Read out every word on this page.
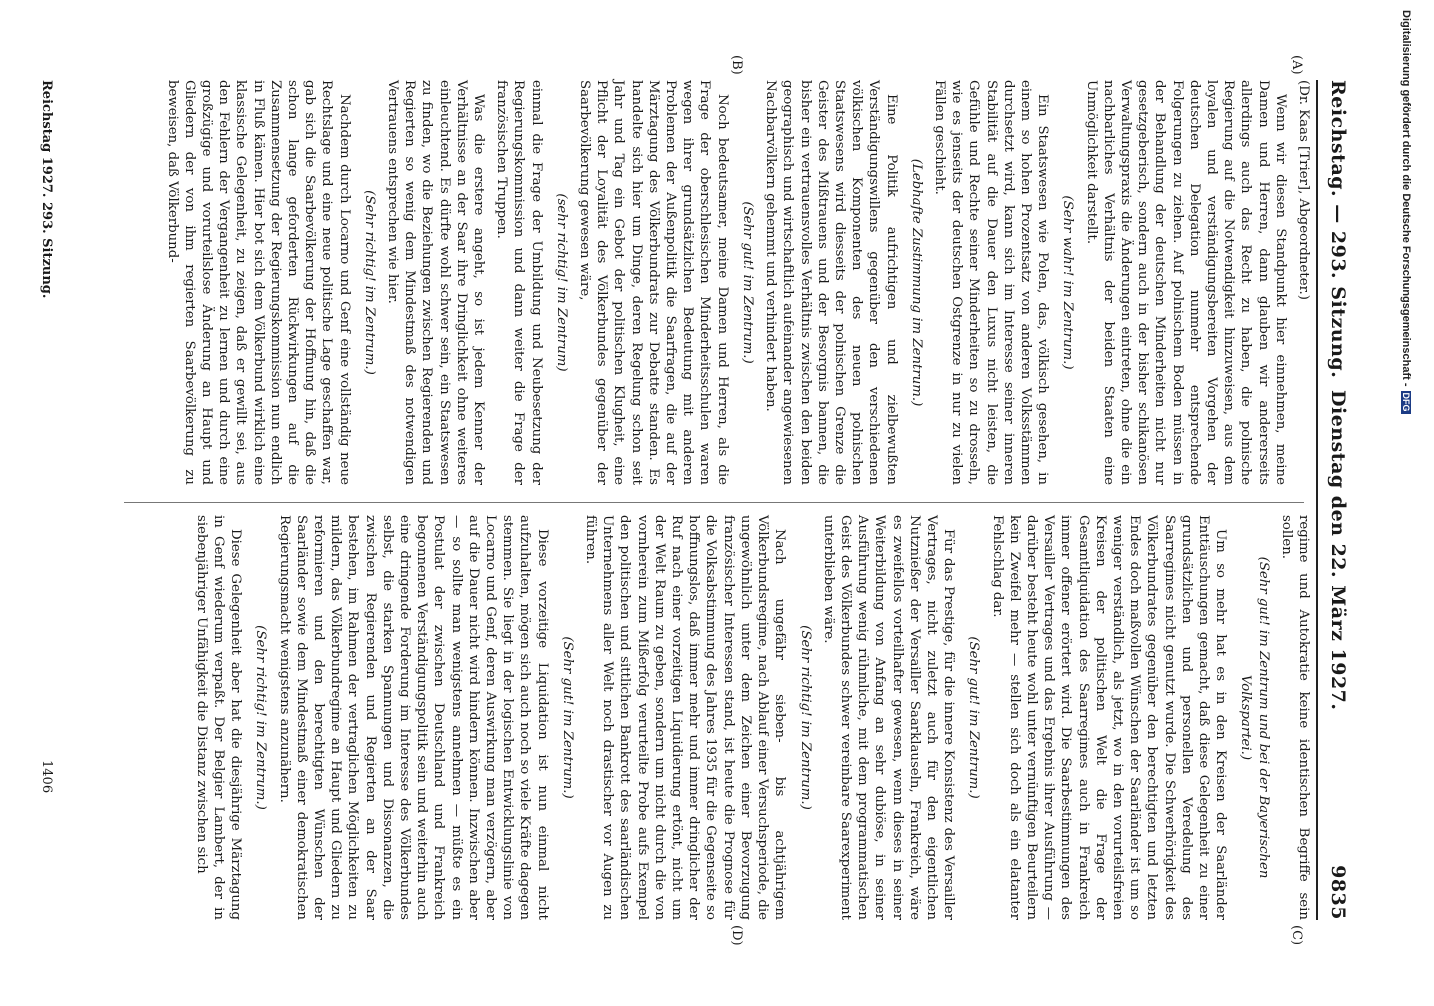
Reichstag. — 293. Sitzung.
Dienstag den 22. März 1927.
9835
(A)
(B)
(C)
(D)

(Dr. Kaas [Trier], Abgeordneter.)

Wenn wir diesen Standpunkt hier einnehmen, meine Damen und Herren, dann glauben wir andererseits allerdings auch das Recht zu haben, die polnische Regierung auf die Notwendigkeit hinzuweisen, aus dem loyalen und verständigungsbereiten Vorgehen der deutschen Delegation nunmehr entsprechende Folgerungen zu ziehen. Auf polnischem Boden müssen in der Behandlung der deutschen Minderheiten nicht nur gesetzgeberisch, sondern auch in der bisher schikanösen Verwaltungspraxis die Änderungen eintreten, ohne die ein nachbarliches Verhältnis der beiden Staaten eine Unmöglichkeit darstellt.

(Sehr wahr! im Zentrum.)

Ein Staatswesen wie Polen, das, völkisch gesehen, in einem so hohen Prozentsatz von anderen Volksstämmen durchsetzt wird, kann sich im Interesse seiner inneren Stabilität auf die Dauer den Luxus nicht leisten, die Gefühle und Rechte seiner Minderheiten so zu drosseln, wie es jenseits der deutschen Ostgrenze in nur zu vielen Fällen geschieht.

(Lebhafte Zustimmung im Zentrum.)

Eine Politik aufrichtigen und zielbewußten Verständigungswillens gegenüber den verschiedenen völkischen Komponenten des neuen polnischen Staatswesens wird diesseits der polnischen Grenze die Geister des Mißtrauens und der Besorgnis bannen, die bisher ein vertrauensvolles Verhältnis zwischen den beiden geographisch und wirtschaftlich aufeinander angewiesenen Nachbarvölkern gehemmt und verhindert haben.

(Sehr gut! im Zentrum.)

Noch bedeutsamer, meine Damen und Herren, als die Frage der oberschlesischen Minderheitsschulen waren wegen ihrer grundsätzlichen Bedeutung mit anderen Problemen der Außenpolitik die Saarfragen, die auf der Märztagung des Völkerbundrats zur Debatte standen. Es handelte sich hier um Dinge, deren Regelung schon seit Jahr und Tag ein Gebot der politischen Klugheit, eine Pflicht der Loyalität des Völkerbundes gegenüber der Saarbevölkerung gewesen wäre,

(sehr richtig! im Zentrum)

einmal die Frage der Umbildung und Neubesetzung der Regierungskommission und dann weiter die Frage der französischen Truppen.

Was die erstere angeht, so ist jedem Kenner der Verhältnisse an der Saar ihre Dringlichkeit ohne weiteres einleuchtend. Es dürfte wohl schwer sein, ein Staatswesen zu finden, wo die Beziehungen zwischen Regierenden und Regierten so wenig dem Mindestmaß des notwendigen Vertrauens entsprechen wie hier.

(Sehr richtig! im Zentrum.)

Nachdem durch Locarno und Genf eine vollständig neue Rechtslage und eine neue politische Lage geschaffen war, gab sich die Saarbevölkerung der Hoffnung hin, daß die schon lange geforderten Rückwirkungen auf die Zusammensetzung der Regierungskommission nun endlich in Fluß kämen. Hier bot sich dem Völkerbund wirklich eine klassische Gelegenheit, zu zeigen, daß er gewillt sei, aus den Fehlern der Vergangenheit zu lernen und durch eine großzügige und vorurteilslose Änderung an Haupt und Gliedern der von ihm regierten Saarbevölkerung zu beweisen, daß Völkerbund-

regime und Autokratie keine identischen Begriffe sein sollen.

(Sehr gut! im Zentrum und bei der Bayerischen Volkspartei.)

Um so mehr hat es in den Kreisen der Saarländer Enttäuschungen gemacht, daß diese Gelegenheit zu einer grundsätzlichen und personellen Veredelung des Saarregimes nicht genutzt wurde. Die Schwerhörigkeit des Völkerbundrates gegenüber den berechtigten und letzten Endes doch maßvollen Wünschen der Saarländer ist um so weniger verständlich, als jetzt, wo in den vorurteilsfreien Kreisen der politischen Welt die Frage der Gesamtliquidation des Saarregimes auch in Frankreich immer offener erörtert wird. Die Saarbestimmungen des Versailler Vertrages und das Ergebnis ihrer Ausführung — darüber besteht heute wohl unter vernünftigen Beurteilern kein Zweifel mehr — stellen sich doch als ein elatanter Fehlschlag dar.

(Sehr gut! im Zentrum.)

Für das Prestige, für die innere Konsistenz des Versailler Vertrages, nicht zuletzt auch für den eigentlichen Nutznießer der Versailler Saarklauseln, Frankreich, wäre es zweifellos vorteilhafter gewesen, wenn dieses in seiner Weiterbildung von Anfang an sehr dubiöse, in seiner Ausführung wenig rühmliche, mit dem programmatischen Geist des Völkerbundes schwer vereinbare Saarexperiment unterblieben wäre.

(Sehr richtig! im Zentrum.)

Nach ungefähr sieben- bis achtjährigem Völkerbundsregime, nach Ablauf einer Versuchsperiode, die ungewöhnlich unter dem Zeichen einer Bevorzugung französischer Interessen stand, ist heute die Prognose für die Volksabstimmung des Jahres 1935 für die Gegenseite so hoffnungslos, daß immer mehr und immer dringlicher der Ruf nach einer vorzeitigen Liquidierung ertönt, nicht um der Welt Raum zu geben, sondern um nicht durch die von vornherein zum Mißerfolg verurteilte Probe aufs Exempel den politischen und sittlichen Bankrott des saarländischen Unternehmens aller Welt noch drastischer vor Augen zu führen.

(Sehr gut! im Zentrum.)

Diese vorzeitige Liquidation ist nun einmal nicht aufzuhalten, mögen sich auch noch so viele Kräfte dagegen stemmen. Sie liegt in der logischen Entwicklungslinie von Locarno und Genf, deren Auswirkung man verzögern, aber auf die Dauer nicht wird hindern können. Inzwischen aber — so sollte man wenigstens annehmen — müßte es ein Postulat der zwischen Deutschland und Frankreich begonnenen Verständigungspolitik sein und weiterhin auch eine dringende Forderung im Interesse des Völkerbundes selbst, die starken Spannungen und Dissonanzen, die zwischen Regierenden und Regierten an der Saar bestehen, im Rahmen der vertraglichen Möglichkeiten zu mildern, das Völkerbundregime an Haupt und Gliedern zu reformieren und den berechtigten Wünschen der Saarländer sowie dem Mindestmaß einer demokratischen Regierungsmacht wenigstens anzunähern.

(Sehr richtig! im Zentrum.)

Diese Gelegenheit aber hat die diesjährige Märztagung in Genf wiederum verpaßt. Der Belgier Lambert, der in siebenjähriger Unfähigkeit die Distanz zwischen sich

Reichstag 1927. 293. Sitzung.
1406
Digitalisierung gefördert durch die Deutsche Forschungsgemeinschaft -DFG
